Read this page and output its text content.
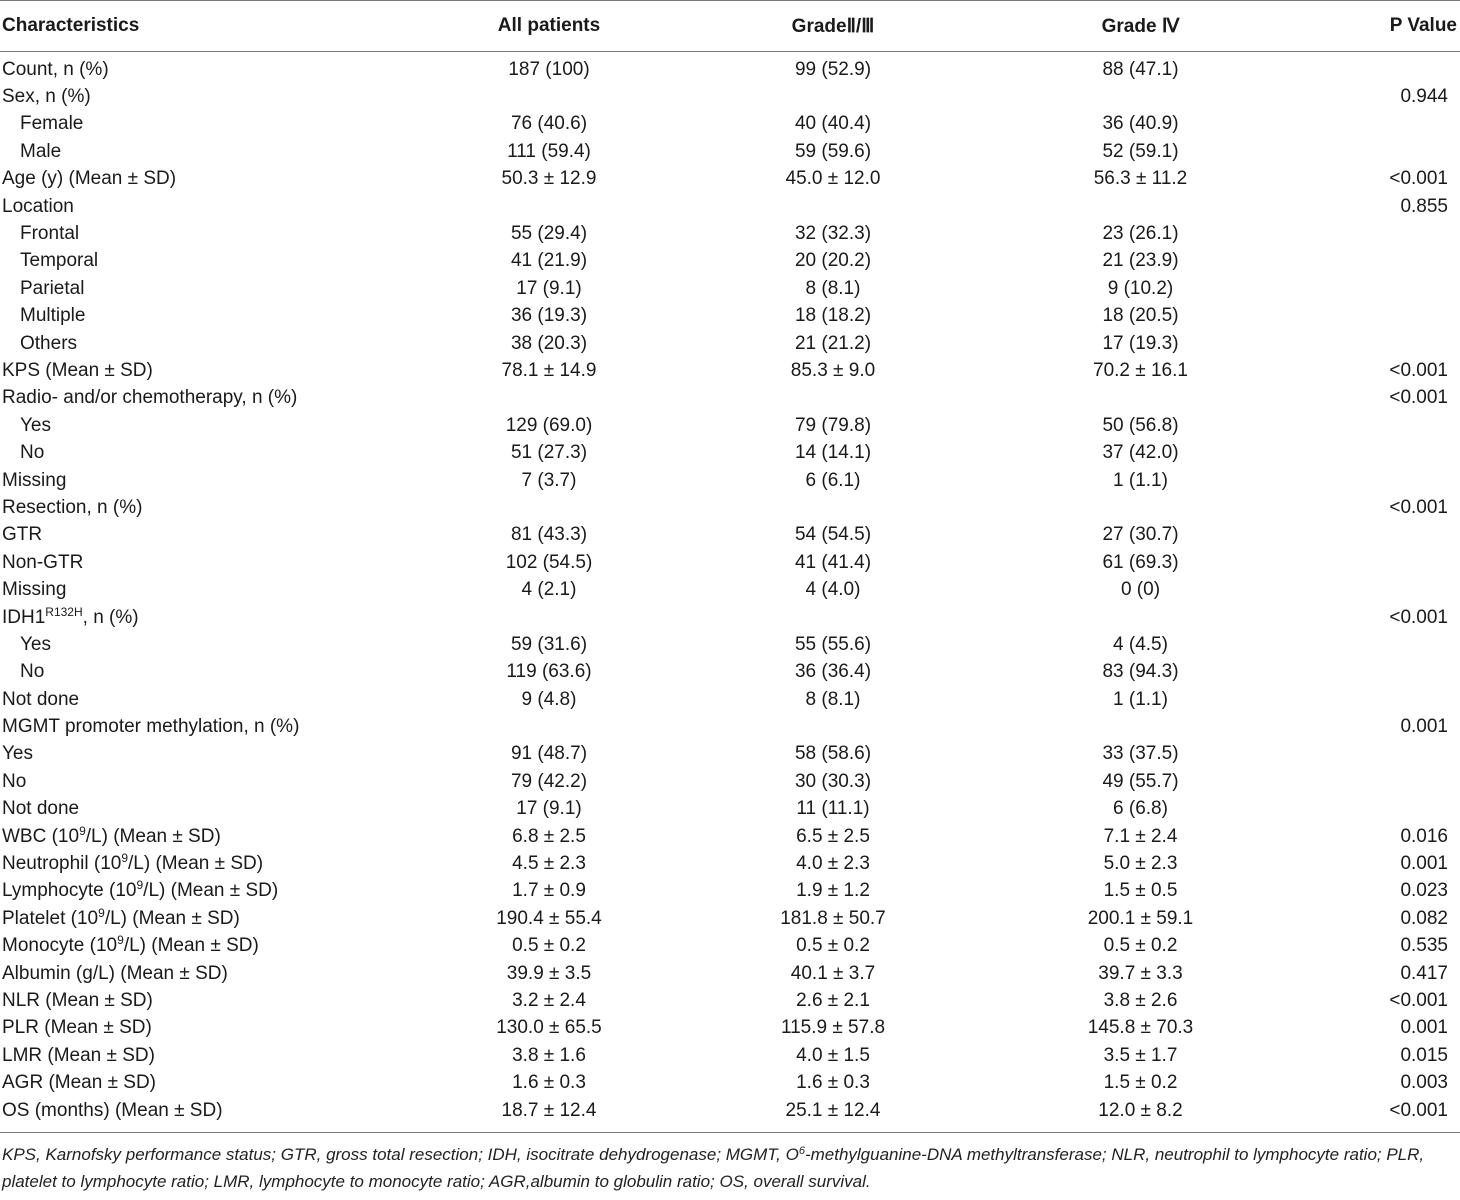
Characteristics	All patients	GradeⅡ/Ⅲ	Grade Ⅳ	P Value
Count, n (%)	187 (100)	99 (52.9)	88 (47.1)	
Sex, n (%)				0.944
Female	76 (40.6)	40 (40.4)	36 (40.9)	
Male	111 (59.4)	59 (59.6)	52 (59.1)	
Age (y) (Mean ± SD)	50.3 ± 12.9	45.0 ± 12.0	56.3 ± 11.2	<0.001
Location				0.855
Frontal	55 (29.4)	32 (32.3)	23 (26.1)	
Temporal	41 (21.9)	20 (20.2)	21 (23.9)	
Parietal	17 (9.1)	8 (8.1)	9 (10.2)	
Multiple	36 (19.3)	18 (18.2)	18 (20.5)	
Others	38 (20.3)	21 (21.2)	17 (19.3)	
KPS (Mean ± SD)	78.1 ± 14.9	85.3 ± 9.0	70.2 ± 16.1	<0.001
Radio- and/or chemotherapy, n (%)				<0.001
Yes	129 (69.0)	79 (79.8)	50 (56.8)	
No	51 (27.3)	14 (14.1)	37 (42.0)	
Missing	7 (3.7)	6 (6.1)	1 (1.1)	
Resection, n (%)				<0.001
GTR	81 (43.3)	54 (54.5)	27 (30.7)	
Non-GTR	102 (54.5)	41 (41.4)	61 (69.3)	
Missing	4 (2.1)	4 (4.0)	0 (0)	
$IDH1^{R132H}$, n (%)				<0.001
Yes	59 (31.6)	55 (55.6)	4 (4.5)	
No	119 (63.6)	36 (36.4)	83 (94.3)	
Not done	9 (4.8)	8 (8.1)	1 (1.1)	
MGMT promoter methylation, n (%)				0.001
Yes	91 (48.7)	58 (58.6)	33 (37.5)	
No	79 (42.2)	30 (30.3)	49 (55.7)	
Not done	17 (9.1)	11 (11.1)	6 (6.8)	
WBC $(10^9/L)$ (Mean ± SD)	6.8 ± 2.5	6.5 ± 2.5	7.1 ± 2.4	0.016
Neutrophil $(10^9/L)$ (Mean ± SD)	4.5 ± 2.3	4.0 ± 2.3	5.0 ± 2.3	0.001
Lymphocyte $(10^9/L)$ (Mean ± SD)	1.7 ± 0.9	1.9 ± 1.2	1.5 ± 0.5	0.023
Platelet $(10^9/L)$ (Mean ± SD)	190.4 ± 55.4	181.8 ± 50.7	200.1 ± 59.1	0.082
Monocyte $(10^9/L)$ (Mean ± SD)	0.5 ± 0.2	0.5 ± 0.2	0.5 ± 0.2	0.535
Albumin (g/L) (Mean ± SD)	39.9 ± 3.5	40.1 ± 3.7	39.7 ± 3.3	0.417
NLR (Mean ± SD)	3.2 ± 2.4	2.6 ± 2.1	3.8 ± 2.6	<0.001
PLR (Mean ± SD)	130.0 ± 65.5	115.9 ± 57.8	145.8 ± 70.3	0.001
LMR (Mean ± SD)	3.8 ± 1.6	4.0 ± 1.5	3.5 ± 1.7	0.015
AGR (Mean ± SD)	1.6 ± 0.3	1.6 ± 0.3	1.5 ± 0.2	0.003
OS (months) (Mean ± SD)	18.7 ± 12.4	25.1 ± 12.4	12.0 ± 8.2	<0.001
KPS, Karnofsky performance status; GTR, gross total resection; IDH, isocitrate dehydrogenase; MGMT, $O^6-methylguanine$-DNA methyltransferase; NLR, neutrophil to lymphocyte ratio; PLR, platelet to lymphocyte ratio; LMR, lymphocyte to monocyte ratio; AGR,albumin to globulin ratio; OS, overall survival.
